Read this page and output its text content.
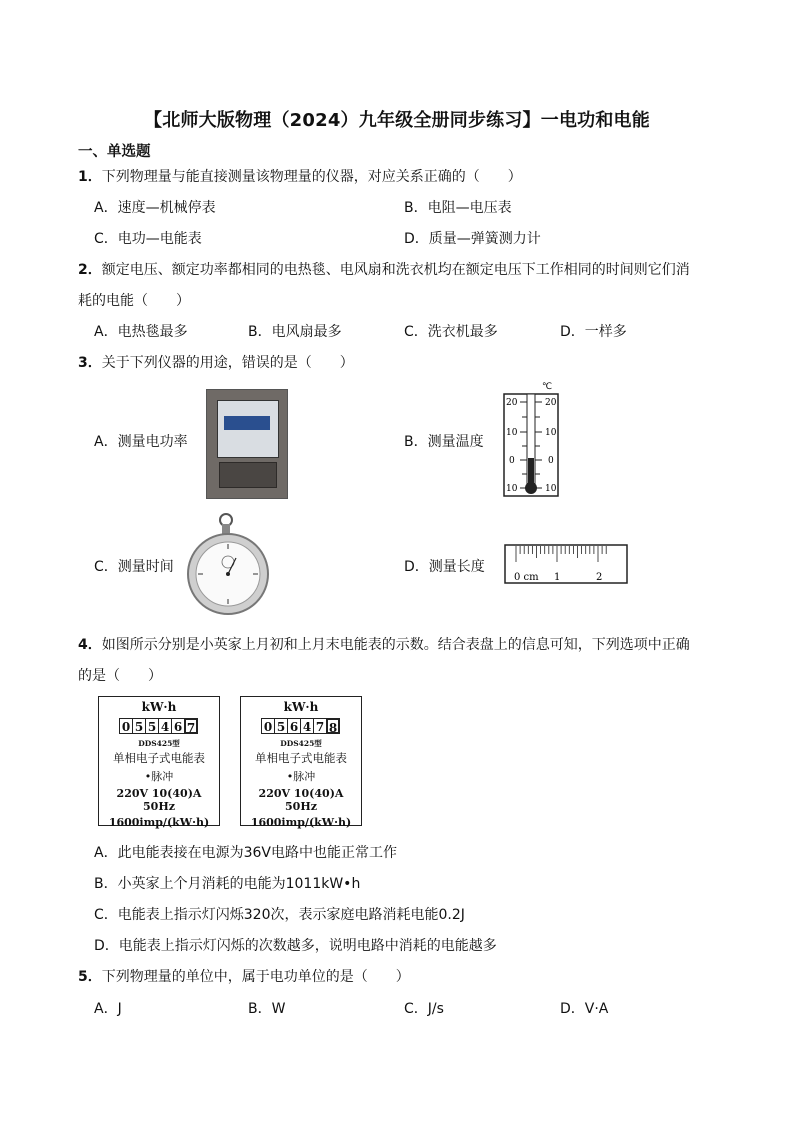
【北师大版物理（2024）九年级全册同步练习】一电功和电能
一、单选题
1．下列物理量与能直接测量该物理量的仪器，对应关系正确的（　　）
A．速度—机械停表	B．电阻—电压表
C．电功—电能表	D．质量—弹簧测力计
2．额定电压、额定功率都相同的电热毯、电风扇和洗衣机均在额定电压下工作相同的时间则它们消
耗的电能（　　）
A．电热毯最多	B．电风扇最多	C．洗衣机最多	D．一样多
3．关于下列仪器的用途，错误的是（　　）
A．测量电功率	B．测量温度
℃
20	20
10	10
0	0
10	10
C．测量时间	D．测量长度
0 cm 1	2
4．如图所示分别是小英家上月初和上月末电能表的示数。结合表盘上的信息可知，下列选项中正确
的是（　　）
kW·h
0 5 5 4 6 7
DDS425型
单相电子式电能表
•脉冲
220V 10(40)A 50Hz
1600imp/(kW·h)
kW·h
0 5 6 4 7 8
DDS425型
单相电子式电能表
•脉冲
220V 10(40)A 50Hz
1600imp/(kW·h)
A．此电能表接在电源为36V电路中也能正常工作
B．小英家上个月消耗的电能为1011kW•h
C．电能表上指示灯闪烁320次，表示家庭电路消耗电能0.2J
D．电能表上指示灯闪烁的次数越多，说明电路中消耗的电能越多
5．下列物理量的单位中，属于电功单位的是（　　）
A．J	B．W	C．J/s	D．V·A
